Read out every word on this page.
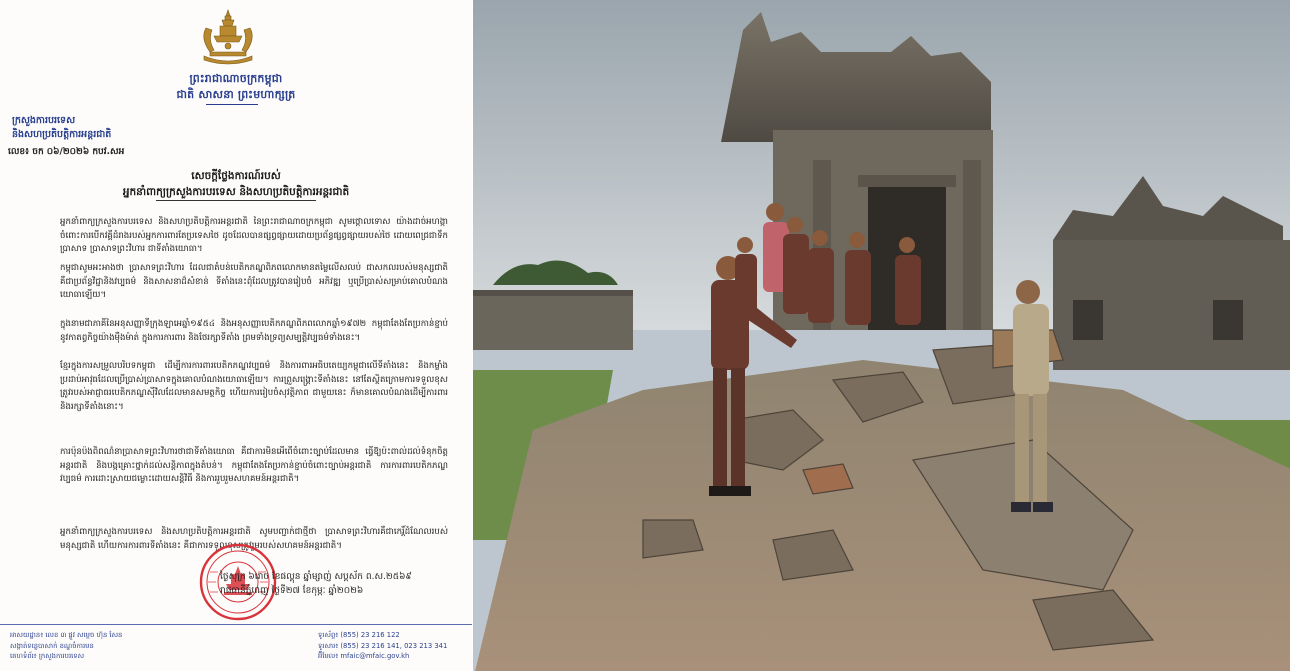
ព្រះរាជាណាចក្រកម្ពុជា
ជាតិ សាសនា ព្រះមហាក្សត្រ
ក្រសួងការបរទេស
និងសហប្រតិបត្តិការអន្តរជាតិ
លេខ៖ ចក ០៦/២០២៦ កបវ.សអ
សេចក្តីថ្លែងការណ៍របស់
អ្នកនាំពាក្យក្រសួងការបរទេស និងសហប្រតិបត្តិការអន្តរជាតិ

អ្នកនាំពាក្យក្រសួងការបរទេស និងសហប្រតិបត្តិការអន្តរជាតិ នៃព្រះរាជាណាចក្រកម្ពុជា សូមថ្កោលទោស យ៉ាងដាច់អហង្កាចំពោះការបើកវគ្គីដំរាងរបស់អ្នកការពារតែប្រទេសថៃ ដូចដែលបានផ្សព្វផ្សាយដោយប្រព័ន្ធផ្សព្វផ្សាយរបស់ថៃ ដោយពេជ្រជាទឹកប្រាសាទ ប្រាសាទព្រះវិហារ ជាទីតាំងយោធា។

កម្ពុជាសូមអះអាងថា ប្រាសាទព្រះវិហារ ដែលជាតំបន់បេតិកភណ្ឌពិភពលោកមានតម្លៃលើសលប់ ជាសកលរបស់មនុស្សជាតិ គឺជាប្រព័ន្ធវិជ្ជានិងវប្បធម៌ និងសាសនាដ៏សំខាន់ ទីតាំងនេះពុំដែលត្រូវបានរៀបចំ អភិវឌ្ឍ ឬប្រើប្រាស់សម្រាប់គោលបំណងយោធាឡើយ។

ក្នុងនាមជាភាគីនៃអនុសញ្ញាទីក្រុងឡាអេឆ្នាំ១៩៥៤ និងអនុសញ្ញាបេតិកភណ្ឌពិភពលោកឆ្នាំ១៩៧២ កម្ពុជាតែងតែប្រកាន់ខ្ជាប់នូវកាតព្វកិច្ចយ៉ាងម៉ឺងម៉ាត់ ក្នុងការការពារ និងថែរក្សាទីតាំង ព្រមទាំងទ្រព្យសម្បត្តិវប្បធម៌ទាំងនេះ។

ខ្មែរក្នុងការសម្រួលបរិបទកម្ពុជា ដើម្បីការការពារបេតិកភណ្ឌវប្បធម៌ និងការពារអធិបតេយ្យកម្ពុជាលើទីតាំងនេះ និងកម្លាំងប្រដាប់អាវុធដែលប្រើប្រាស់ប្រាសាទក្នុងគោលបំណងយោធាឡើយ។ ការព្រួសង្គ្រោះទីតាំងនេះ នៅតែស្ថិតក្រោមការទទួលខុសត្រូវរបស់អាជ្ញាធរបេតិកភណ្ឌស៊ីវិលដែលមានសមត្ថកិច្ច ហើយការរៀបចំសុវត្ថិភាព ជាមួយនេះ ក៏មានគោលបំណងដើម្បីការពារ និងរក្សាទីតាំងនោះ។

ការប៉ុនប៉ងពិពណ៌នាប្រាសាទព្រះវិហារថាជាទីតាំងយោធា គឺជាការមិនអើពើចំពោះច្បាប់ដែលមាន ធ្វើឱ្យប៉ះពាល់ដល់ទំនុកចិត្តអន្តរជាតិ និងបង្កគ្រោះថ្នាក់ដល់សន្តិភាពក្នុងតំបន់។ កម្ពុជាតែងតែប្រកាន់ខ្ជាប់ចំពោះច្បាប់អន្តរជាតិ ការការពារបេតិកភណ្ឌវប្បធម៌ ការដោះស្រាយជម្លោះដោយសន្តិវិធី និងការរួបរួមសហគមន៍អន្តរជាតិ។

អ្នកនាំពាក្យក្រសួងការបរទេស និងសហប្រតិបត្តិការអន្តរជាតិ សូមបញ្ជាក់ជាថ្មីថា ប្រាសាទព្រះវិហារគឺជាកេរ្តិ៍ដំណែលរបស់មនុស្សជាតិ ហើយការការពារទីតាំងនេះ គឺជាការទទួលខុសត្រូវរួមរបស់សហគមន៍អន្តរជាតិ។

ថ្ងៃសុក្រ ៦រោច ខែផល្គុន ឆ្នាំម្សាញ់ សប្តស័ក ព.ស.២៥៦៩
រាជធានីភ្នំពេញ ថ្ងៃទី២៧ ខែកុម្ភៈ ឆ្នាំ២០២៦
អាសយដ្ឋាន៖ លេខ ៣ ផ្លូវ សម្តេច ហ៊ុន សែន
សង្កាត់ទន្លេបាសាក់ ខណ្ឌចំការមន
គេហទំព័រ៖ ក្រសួងការបរទេស
ទូរស័ព្ទ៖ (855) 23 216 122
ទូរសារ៖ (855) 23 216 141, 023 213 341
អ៊ីមែល៖ mfaic@mfaic.gov.kh
